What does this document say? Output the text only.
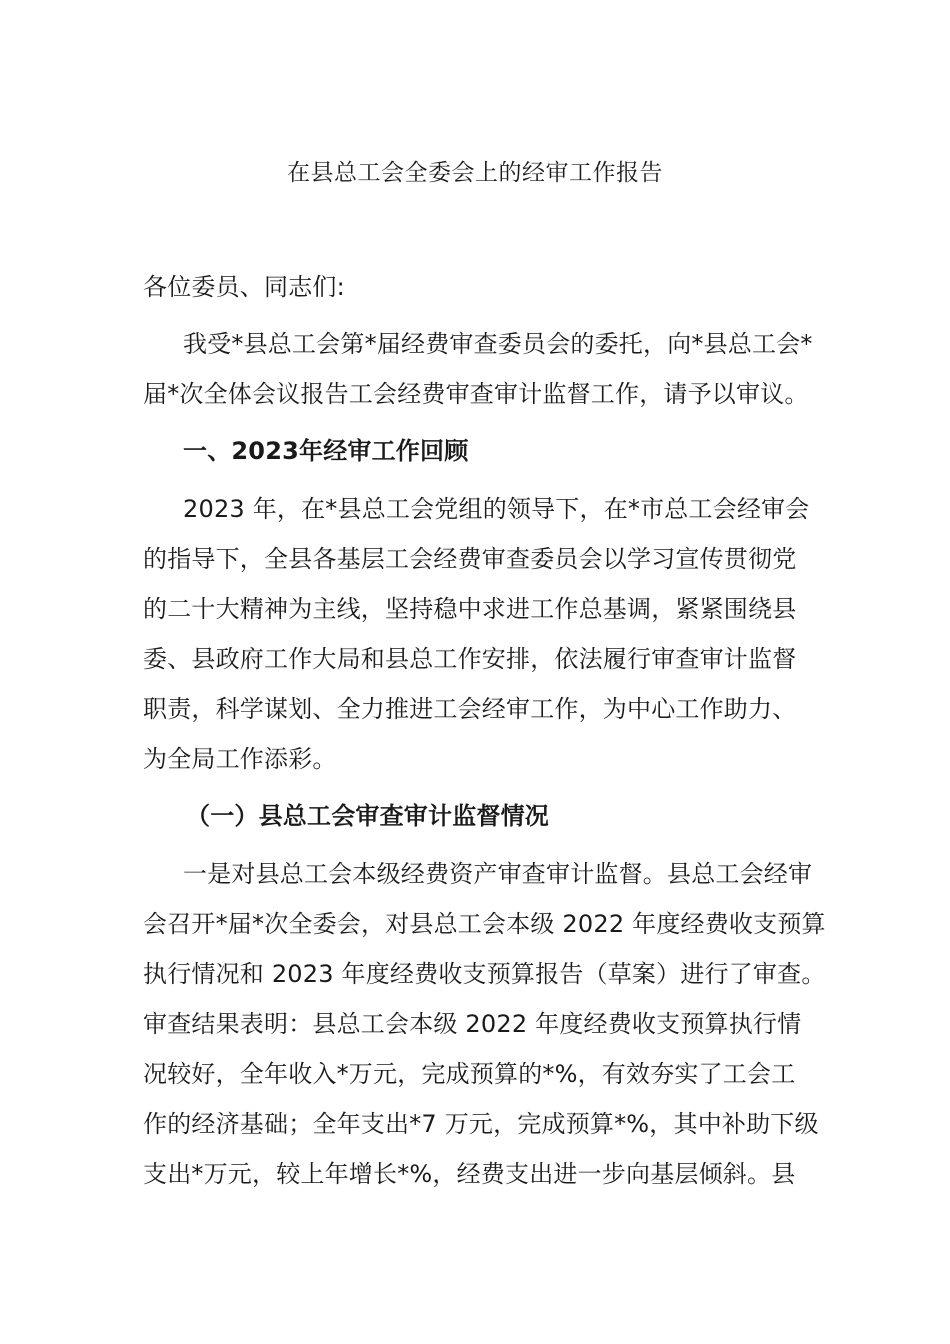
在县总工会全委会上的经审工作报告
各位委员、同志们:
我受*县总工会第*届经费审查委员会的委托，向*县总工会*
届*次全体会议报告工会经费审查审计监督工作，请予以审议。
一、2023年经审工作回顾
2023 年，在*县总工会党组的领导下，在*市总工会经审会
的指导下，全县各基层工会经费审查委员会以学习宣传贯彻党
的二十大精神为主线，坚持稳中求进工作总基调，紧紧围绕县
委、县政府工作大局和县总工作安排，依法履行审查审计监督
职责，科学谋划、全力推进工会经审工作，为中心工作助力、
为全局工作添彩。
（一）县总工会审查审计监督情况
一是对县总工会本级经费资产审查审计监督。县总工会经审
会召开*届*次全委会，对县总工会本级 2022 年度经费收支预算
执行情况和 2023 年度经费收支预算报告（草案）进行了审查。
审查结果表明：县总工会本级 2022 年度经费收支预算执行情
况较好，全年收入*万元，完成预算的*%，有效夯实了工会工
作的经济基础；全年支出*7 万元，完成预算*%，其中补助下级
支出*万元，较上年增长*%，经费支出进一步向基层倾斜。县
